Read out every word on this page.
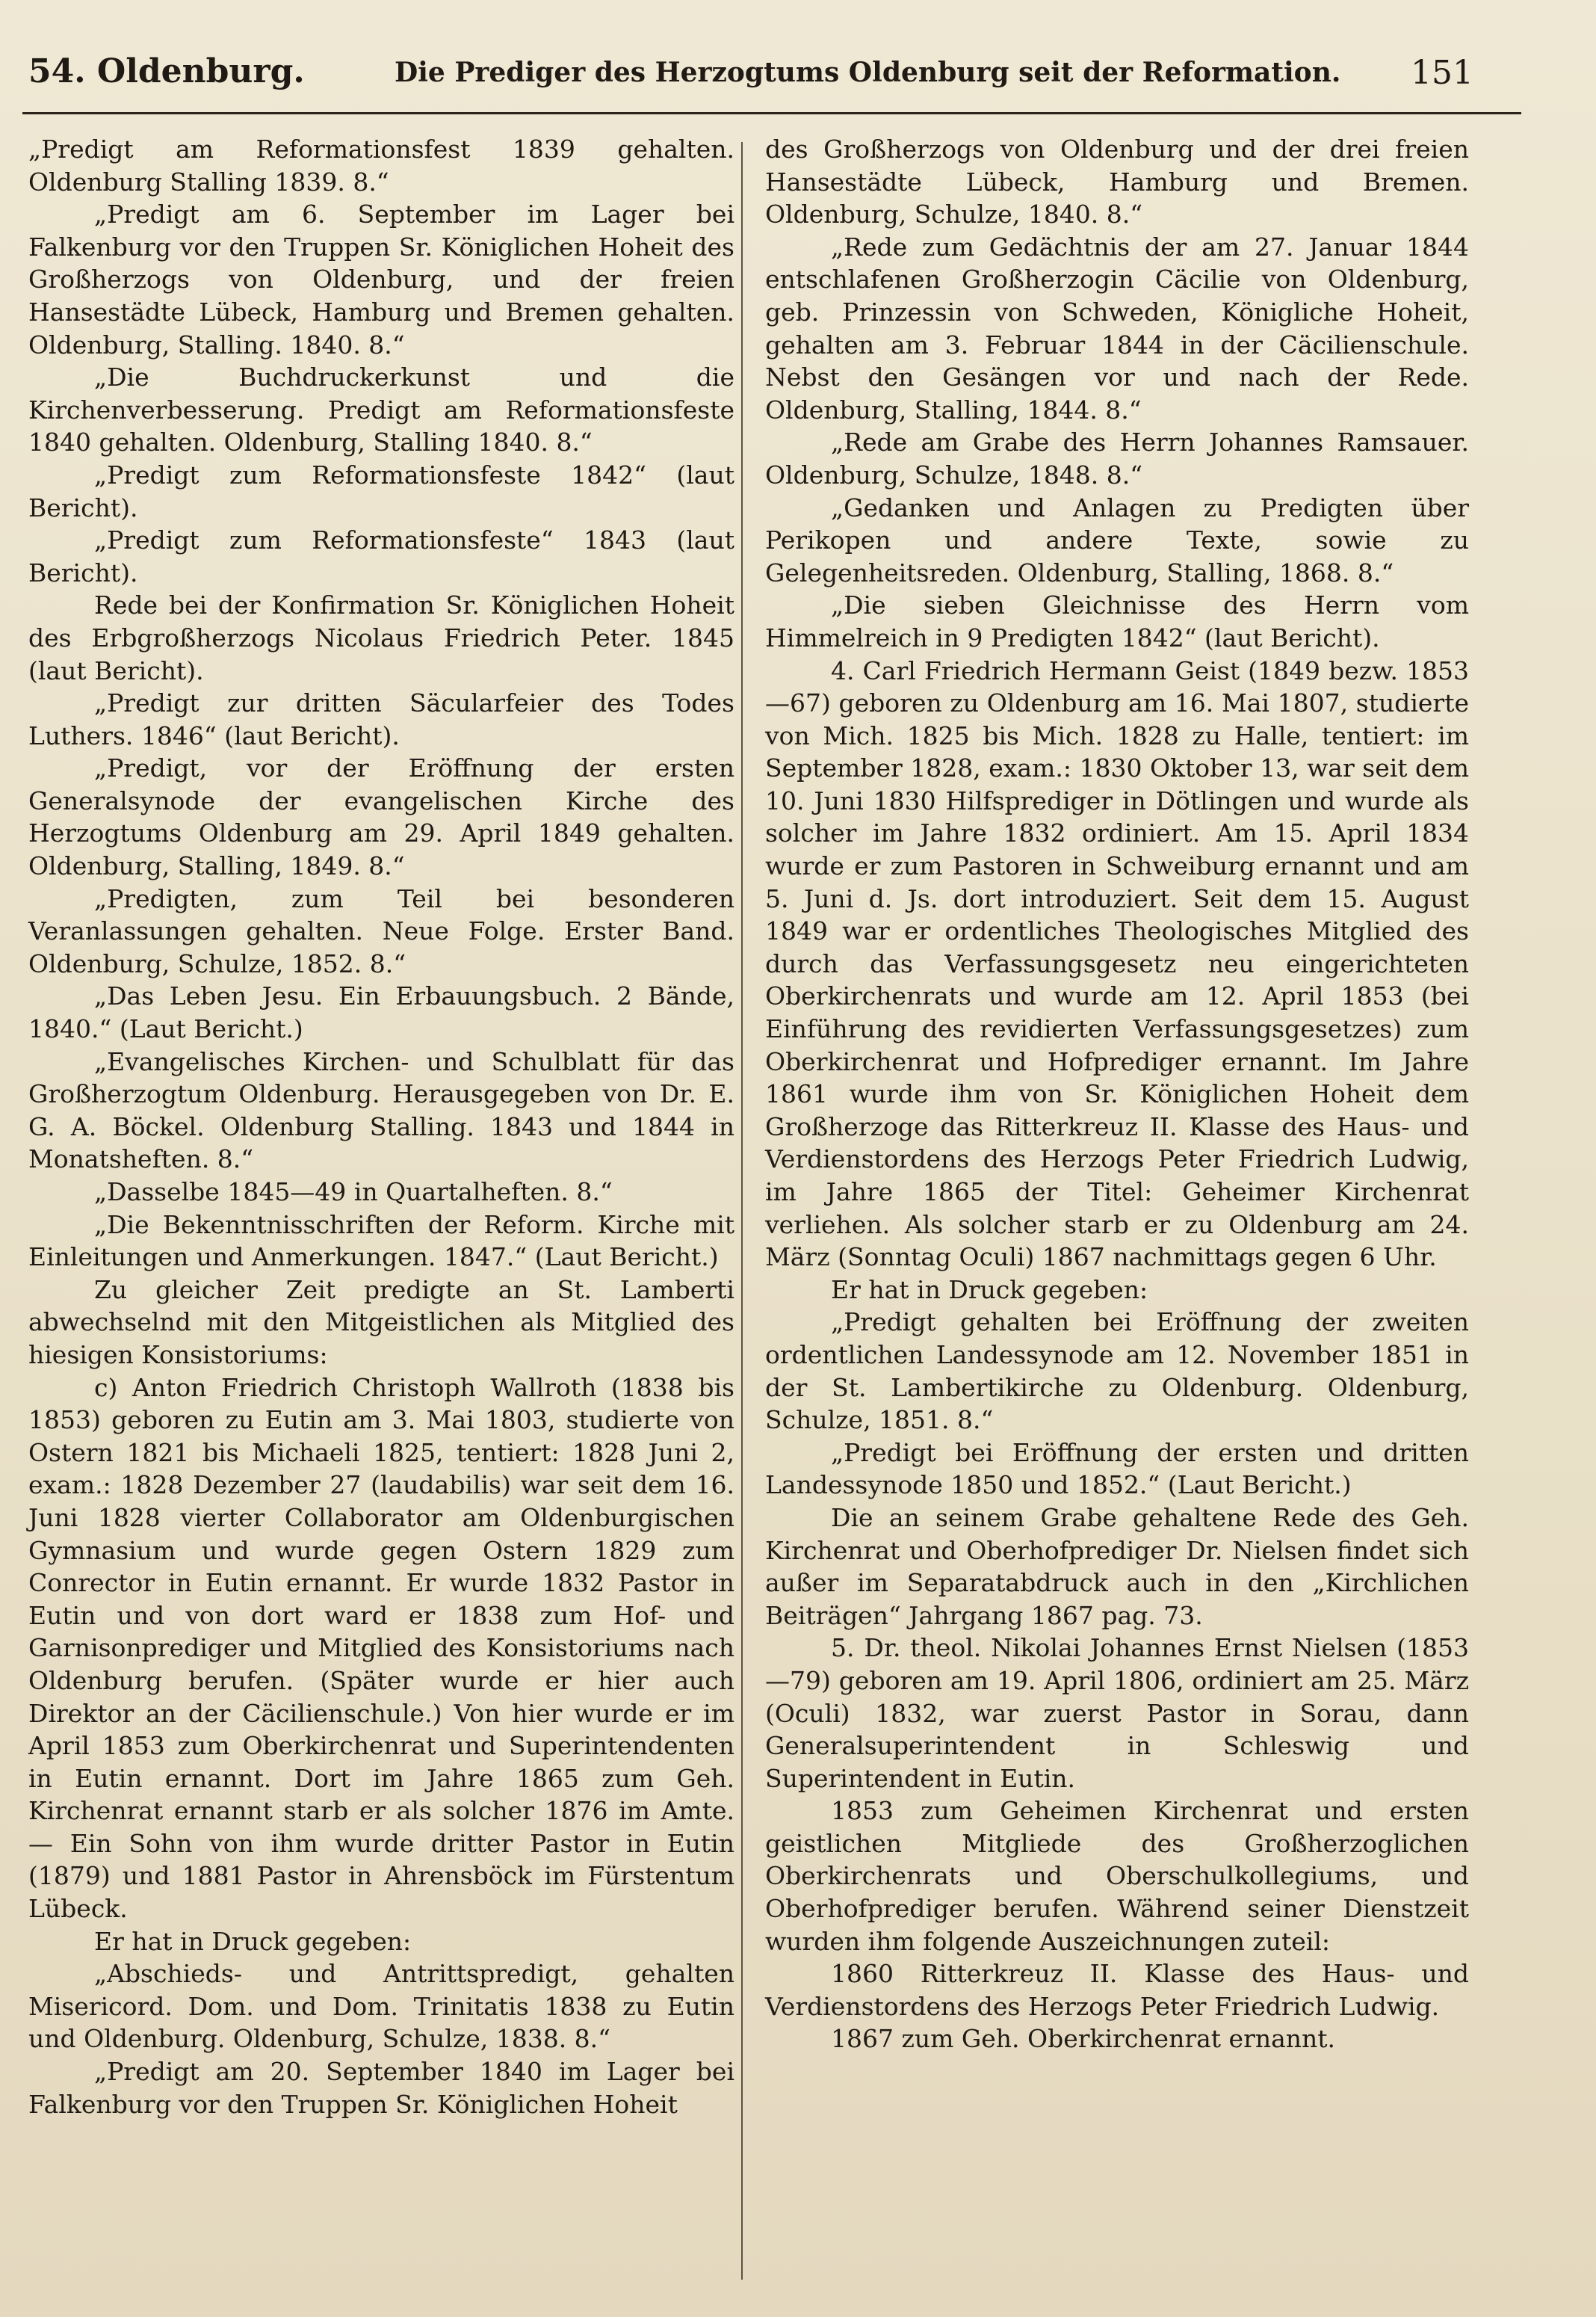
54. Oldenburg.	Die Prediger des Herzogtums Oldenburg seit der Reformation. 151

„Predigt am Reformationsfest 1839 gehalten. Oldenburg Stalling 1839. 8.“

„Predigt am 6. September im Lager bei Falkenburg vor den Truppen Sr. Königlichen Hoheit des Großherzogs von Oldenburg, und der freien Hansestädte Lübeck, Hamburg und Bremen gehalten. Oldenburg, Stalling. 1840. 8.“

„Die Buchdruckerkunst und die Kirchenverbesserung. Predigt am Reformationsfeste 1840 gehalten. Oldenburg, Stalling 1840. 8.“

„Predigt zum Reformationsfeste 1842“ (laut Bericht).

„Predigt zum Reformationsfeste“ 1843 (laut Bericht).

Rede bei der Konfirmation Sr. Königlichen Hoheit des Erbgroßherzogs Nicolaus Friedrich Peter. 1845 (laut Bericht).

„Predigt zur dritten Säcularfeier des Todes Luthers. 1846“ (laut Bericht).

„Predigt, vor der Eröffnung der ersten Generalsynode der evangelischen Kirche des Herzogtums Oldenburg am 29. April 1849 gehalten. Oldenburg, Stalling, 1849. 8.“

„Predigten, zum Teil bei besonderen Veranlassungen gehalten. Neue Folge. Erster Band. Oldenburg, Schulze, 1852. 8.“

„Das Leben Jesu. Ein Erbauungsbuch. 2 Bände, 1840.“ (Laut Bericht.)

„Evangelisches Kirchen- und Schulblatt für das Großherzogtum Oldenburg. Herausgegeben von Dr. E. G. A. Böckel. Oldenburg Stalling. 1843 und 1844 in Monatsheften. 8.“

„Dasselbe 1845—49 in Quartalheften. 8.“

„Die Bekenntnisschriften der Reform. Kirche mit Einleitungen und Anmerkungen. 1847.“ (Laut Bericht.)

Zu gleicher Zeit predigte an St. Lamberti abwechselnd mit den Mitgeistlichen als Mitglied des hiesigen Konsistoriums:

c) Anton Friedrich Christoph Wallroth (1838 bis 1853) geboren zu Eutin am 3. Mai 1803, studierte von Ostern 1821 bis Michaeli 1825, tentiert: 1828 Juni 2, exam.: 1828 Dezember 27 (laudabilis) war seit dem 16. Juni 1828 vierter Collaborator am Oldenburgischen Gymnasium und wurde gegen Ostern 1829 zum Conrector in Eutin ernannt. Er wurde 1832 Pastor in Eutin und von dort ward er 1838 zum Hof- und Garnisonprediger und Mitglied des Konsistoriums nach Oldenburg berufen. (Später wurde er hier auch Direktor an der Cäcilienschule.) Von hier wurde er im April 1853 zum Oberkirchenrat und Superintendenten in Eutin ernannt. Dort im Jahre 1865 zum Geh. Kirchenrat ernannt starb er als solcher 1876 im Amte. — Ein Sohn von ihm wurde dritter Pastor in Eutin (1879) und 1881 Pastor in Ahrensböck im Fürstentum Lübeck.

Er hat in Druck gegeben:

„Abschieds- und Antrittspredigt, gehalten Misericord. Dom. und Dom. Trinitatis 1838 zu Eutin und Oldenburg. Oldenburg, Schulze, 1838. 8.“

„Predigt am 20. September 1840 im Lager bei Falkenburg vor den Truppen Sr. Königlichen Hoheit

des Großherzogs von Oldenburg und der drei freien Hansestädte Lübeck, Hamburg und Bremen. Oldenburg, Schulze, 1840. 8.“

„Rede zum Gedächtnis der am 27. Januar 1844 entschlafenen Großherzogin Cäcilie von Oldenburg, geb. Prinzessin von Schweden, Königliche Hoheit, gehalten am 3. Februar 1844 in der Cäcilienschule. Nebst den Gesängen vor und nach der Rede. Oldenburg, Stalling, 1844. 8.“

„Rede am Grabe des Herrn Johannes Ramsauer. Oldenburg, Schulze, 1848. 8.“

„Gedanken und Anlagen zu Predigten über Perikopen und andere Texte, sowie zu Gelegenheitsreden. Oldenburg, Stalling, 1868. 8.“

„Die sieben Gleichnisse des Herrn vom Himmelreich in 9 Predigten 1842“ (laut Bericht).

4. Carl Friedrich Hermann Geist (1849 bezw. 1853—67) geboren zu Oldenburg am 16. Mai 1807, studierte von Mich. 1825 bis Mich. 1828 zu Halle, tentiert: im September 1828, exam.: 1830 Oktober 13, war seit dem 10. Juni 1830 Hilfsprediger in Dötlingen und wurde als solcher im Jahre 1832 ordiniert. Am 15. April 1834 wurde er zum Pastoren in Schweiburg ernannt und am 5. Juni d. Js. dort introduziert. Seit dem 15. August 1849 war er ordentliches Theologisches Mitglied des durch das Verfassungsgesetz neu eingerichteten Oberkirchenrats und wurde am 12. April 1853 (bei Einführung des revidierten Verfassungsgesetzes) zum Oberkirchenrat und Hofprediger ernannt. Im Jahre 1861 wurde ihm von Sr. Königlichen Hoheit dem Großherzoge das Ritterkreuz II. Klasse des Haus- und Verdienstordens des Herzogs Peter Friedrich Ludwig, im Jahre 1865 der Titel: Geheimer Kirchenrat verliehen. Als solcher starb er zu Oldenburg am 24. März (Sonntag Oculi) 1867 nachmittags gegen 6 Uhr.

Er hat in Druck gegeben:

„Predigt gehalten bei Eröffnung der zweiten ordentlichen Landessynode am 12. November 1851 in der St. Lambertikirche zu Oldenburg. Oldenburg, Schulze, 1851. 8.“

„Predigt bei Eröffnung der ersten und dritten Landessynode 1850 und 1852.“ (Laut Bericht.)

Die an seinem Grabe gehaltene Rede des Geh. Kirchenrat und Oberhofprediger Dr. Nielsen findet sich außer im Separatabdruck auch in den „Kirchlichen Beiträgen“ Jahrgang 1867 pag. 73.

5. Dr. theol. Nikolai Johannes Ernst Nielsen (1853—79) geboren am 19. April 1806, ordiniert am 25. März (Oculi) 1832, war zuerst Pastor in Sorau, dann Generalsuperintendent in Schleswig und Superintendent in Eutin.

1853 zum Geheimen Kirchenrat und ersten geistlichen Mitgliede des Großherzoglichen Oberkirchenrats und Oberschulkollegiums, und Oberhofprediger berufen. Während seiner Dienstzeit wurden ihm folgende Auszeichnungen zuteil:

1860 Ritterkreuz II. Klasse des Haus- und Verdienstordens des Herzogs Peter Friedrich Ludwig.

1867 zum Geh. Oberkirchenrat ernannt.
